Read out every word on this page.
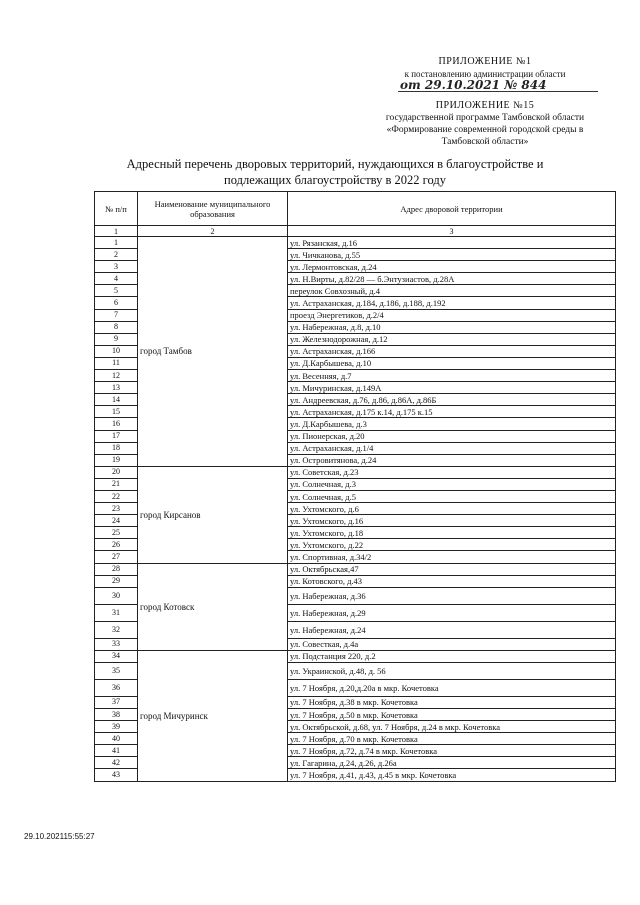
ПРИЛОЖЕНИЕ №1
к постановлению администрации области
от 29.10.2021 № 844
ПРИЛОЖЕНИЕ №15
государственной программе Тамбовской области
«Формирование современной городской среды в
Тамбовской области»
Адресный перечень дворовых территорий, нуждающихся в благоустройстве и
подлежащих благоустройству в 2022 году
№ п/п	Наименование муниципального образования	Адрес дворовой территории
1	2	3
1	город Тамбов	ул. Рязанская, д.16
2		ул. Чичканова, д.55
3		ул. Лермонтовская, д.24
4		ул. Н.Вирты, д.82/28 — б.Энтузиастов, д.28А
5		переулок Совхозный, д.4
6		ул. Астраханская, д.184, д.186, д.188, д.192
7		проезд Энергетиков, д.2/4
8		ул. Набережная, д.8, д.10
9		ул. Железнодорожная, д.12
10		ул. Астраханская, д.166
11		ул. Д.Карбышева, д.10
12		ул. Весенняя, д.7
13		ул. Мичуринская, д.149А
14		ул. Андреевская, д.76, д.86, д.86А, д.86Б
15		ул. Астраханская, д.175 к.14, д.175 к.15
16		ул. Д.Карбышева, д.3
17		ул. Пионерская, д.20
18		ул. Астраханская, д.1/4
19		ул. Островитянова, д.24
20	город Кирсанов	ул. Советская, д.23
21		ул. Солнечная, д.3
22		ул. Солнечная, д.5
23		ул. Ухтомского, д.6
24		ул. Ухтомского, д.16
25		ул. Ухтомского, д.18
26		ул. Ухтомского, д.22
27		ул. Спортивная, д.34/2
28	город Котовск	ул. Октябрьская,47
29		ул. Котовского, д.43
30		ул. Набережная, д.36
31		ул. Набережная, д.29
32		ул. Набережная, д.24
33		ул. Совесткая, д.4а
34	город Мичуринск	ул. Подстанция 220, д.2
35		ул. Украинской, д.48, д. 56
36		ул. 7 Ноября, д.20,д.20а в мкр. Кочетовка
37		ул. 7 Ноября, д.38 в мкр. Кочетовка
38		ул. 7 Ноября, д.50 в мкр. Кочетовка
39		ул. Октябрьской, д.68, ул. 7 Ноября, д.24 в мкр. Кочетовка
40		ул. 7 Ноября, д.70 в мкр. Кочетовка
41		ул. 7 Ноября, д.72, д.74 в мкр. Кочетовка
42		ул. Гагарина, д.24, д.26, д.26а
43		ул. 7 Ноября, д.41, д.43, д.45 в мкр. Кочетовка
29.10.202115:55:27
